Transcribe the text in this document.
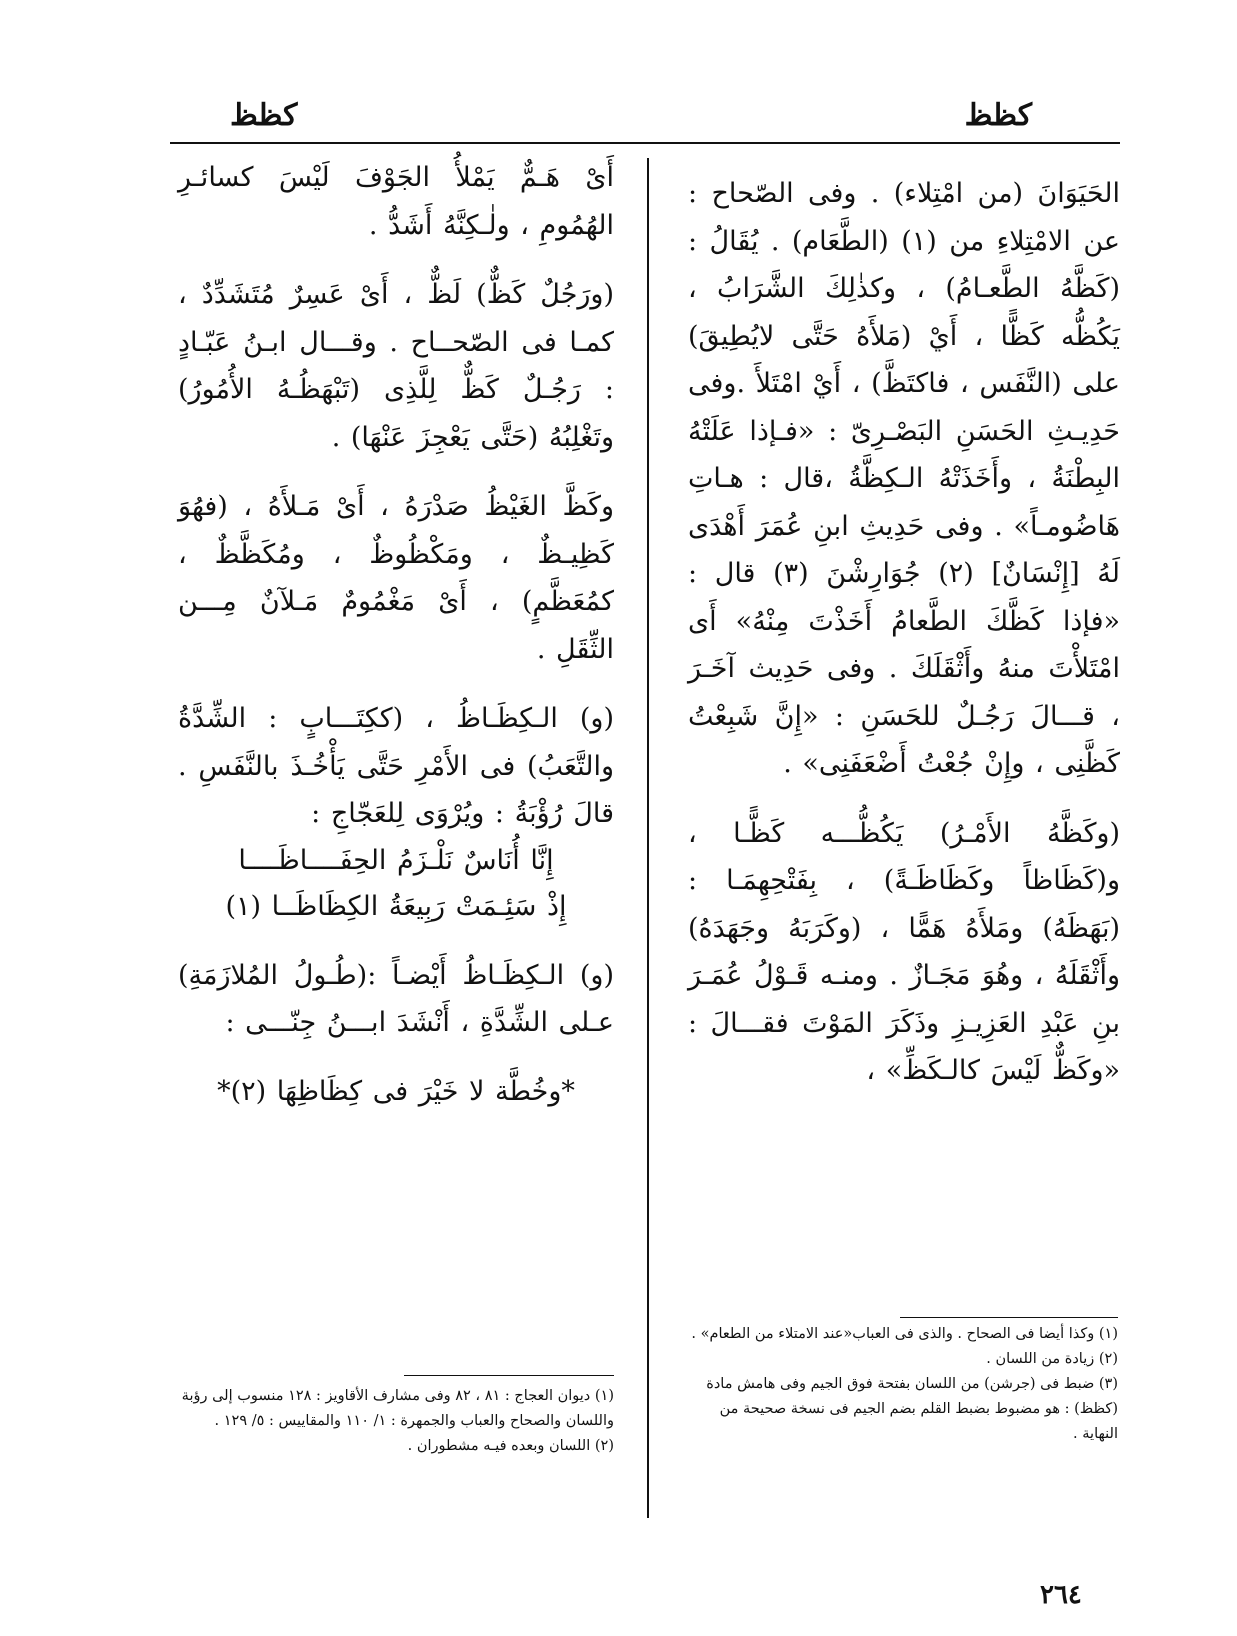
كظظ
كظظ

الحَيَوَانَ (من امْتِلاء) . وفى الصّحاح : عن الامْتِلاءِ من (١) (الطَّعَام) . يُقَالُ : (كَظَّهُ الطَّعـامُ) ، وكذٰلِكَ الشَّرَابُ ، يَكُظُّه كَظًّا ، أَيْ (مَلأَهُ حَتَّى لايُطِيقَ) على (النَّفَس ، فاكتَظَّ) ، أَيْ امْتَلأَ .وفى حَدِيـثِ الحَسَنِ البَصْـرِىّ : «فـإذا عَلَتْهُ البِطْنَةُ ، وأَخَذَتْهُ الـكِظَّةُ ،قال : هـاتِ هَاضُومـاً» . وفى حَدِيثِ ابنِ عُمَرَ أَهْدَى لَهُ [إِنْسَانٌ] (٢) جُوَارِشْنَ (٣) قال : «فإذا كَظَّكَ الطَّعامُ أَخَذْتَ مِنْهُ» أَى امْتَلأْتَ منهُ وأَثْقَلَكَ . وفى حَدِيث آخَـرَ ، قـــالَ رَجُـلٌ للحَسَنِ : «إِنَّ شَبِعْتُ كَظَّنِى ، وإِنْ جُعْتُ أَضْعَفَنِى» .

(وكَظَّهُ الأَمْـرُ) يَكُظُّـــه كَظًّـا ، و(كَظَاظاً وكَظَاظَـةً) ، بِفَتْحِهِمَـا : (بَهَظَهُ) ومَلأَهُ هَمًّا ، (وكَرَبَهُ وجَهَدَهُ) وأَثْقَلَهُ ، وهُوَ مَجَـازٌ . ومنـه قَـوْلُ عُمَـرَ بنِ عَبْدِ العَزِيـزِ وذَكَرَ المَوْتَ فقـــالَ : «وكَظٌّ لَيْسَ كالـكَظِّ» ،

أَىْ هَـمٌّ يَمْلأُ الجَوْفَ لَيْسَ كسائـرِ الهُمُومِ ، ولٰـكِنَّهُ أَشَدُّ .

(ورَجُلٌ كَظٌّ) لَظٌّ ، أَىْ عَسِرٌ مُتَشَدِّدٌ ، كمـا فى الصّحــاح . وقـــال ابـنُ عَبّـادٍ : رَجُـلٌ كَظٌّ لِلَّذِى (تَبْهَظُـهُ الأُمُورُ) وتَغْلِبُهُ (حَتَّى يَعْجِزَ عَنْهَا) .

وكَظَّ الغَيْظُ صَدْرَهُ ، أَىْ مَـلأَهُ ، (فهُوَ كَظِيـظٌ ، ومَكْظُوظٌ ، ومُكَظَّظٌ ، كمُعَظَّمٍ) ، أَىْ مَغْمُومٌ مَـلآنٌ مِـــن الثِّقَلِ .

(و) الـكِظَـاظُ ، (ككِتَـــابٍ : الشِّدَّةُ والتَّعَبُ) فى الأَمْرِ حَتَّى يَأْخُـذَ بالنَّفَسِ . قالَ رُؤْبَةُ : ويُرْوَى لِلعَجّاجِ :

إِنَّا أُنَاسٌ نَلْـزَمُ الحِفَــــاظَــــا

إِذْ سَئِـمَتْ رَبِيعَةُ الكِظَاظَــا (١)

(و) الـكِظَـاظُ أَيْضـاً :(طُـولُ المُلازَمَةِ) عـلى الشِّدَّةِ ، أَنْشَدَ ابـــنُ جِنّـــى :

*وخُطَّة لا خَيْرَ فى كِظَاظِهَا (٢)*

(١) وكذا أيضا فى الصحاح . والذى فى العباب«عند الامتلاء من الطعام» .

(٢) زيادة من اللسان .

(٣) ضبط فى (جرشن) من اللسان بفتحة فوق الجيم وفى هامش مادة (كظظ) : هو مضبوط بضبط القلم بضم الجيم فى نسخة صحيحة من النهاية .

(١) ديوان العجاج : ٨١ ، ٨٢ وفى مشارف الأقاويز : ١٢٨ منسوب إلى رؤبة واللسان والصحاح والعباب والجمهرة : ١/ ١١٠ والمقاييس : ٥/ ١٢٩ .

(٢) اللسان وبعده فيـه مشطوران .

٢٦٤
